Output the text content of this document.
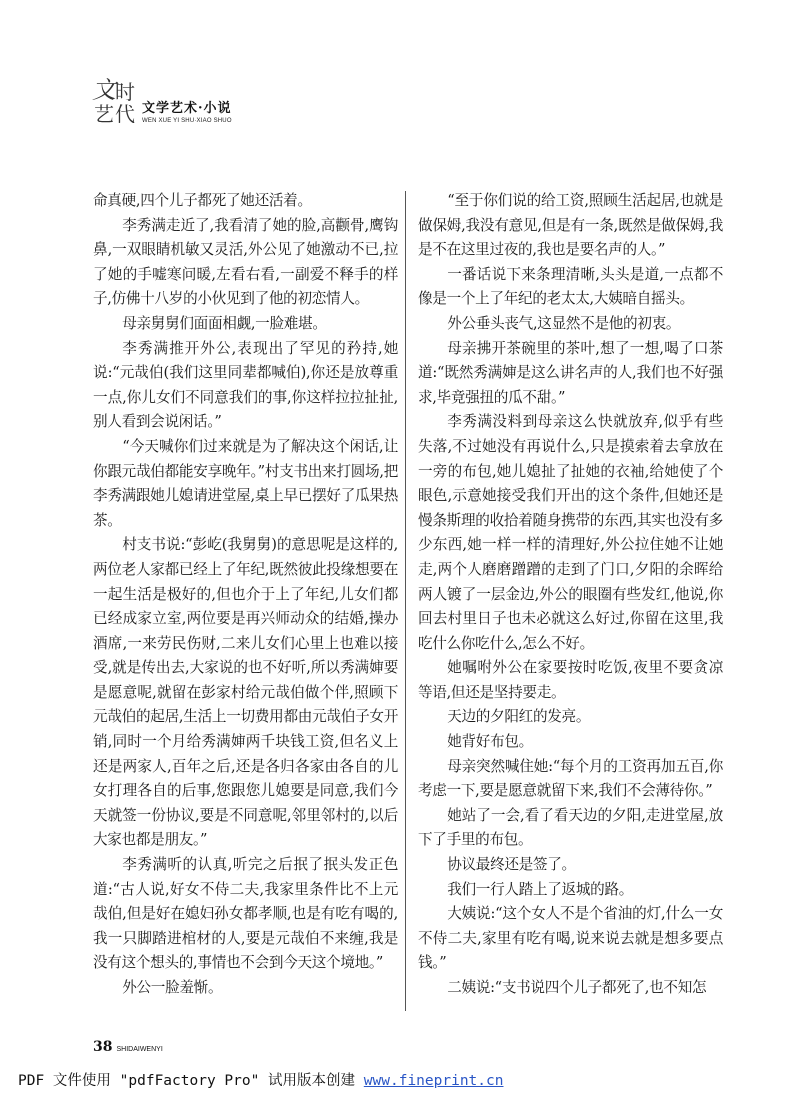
文 时
艺 代 文学艺术·小说
WEN XUE YI SHU·XIAO SHUO

命真硬,四个儿子都死了她还活着。

李秀满走近了,我看清了她的脸,高颧骨,鹰钩鼻,一双眼睛机敏又灵活,外公见了她激动不已,拉了她的手嘘寒问暖,左看右看,一副爱不释手的样子,仿佛十八岁的小伙见到了他的初恋情人。

母亲舅舅们面面相觑,一脸难堪。

李秀满推开外公,表现出了罕见的矜持,她说:“元哉伯(我们这里同辈都喊伯),你还是放尊重一点,你儿女们不同意我们的事,你这样拉拉扯扯,别人看到会说闲话。”

“今天喊你们过来就是为了解决这个闲话,让你跟元哉伯都能安享晚年。”村支书出来打圆场,把李秀满跟她儿媳请进堂屋,桌上早已摆好了瓜果热茶。

村支书说:“彭屹(我舅舅)的意思呢是这样的,两位老人家都已经上了年纪,既然彼此投缘想要在一起生活是极好的,但也介于上了年纪,儿女们都已经成家立室,两位要是再兴师动众的结婚,操办酒席,一来劳民伤财,二来儿女们心里上也难以接受,就是传出去,大家说的也不好听,所以秀满婶要是愿意呢,就留在彭家村给元哉伯做个伴,照顾下元哉伯的起居,生活上一切费用都由元哉伯子女开销,同时一个月给秀满婶两千块钱工资,但名义上还是两家人,百年之后,还是各归各家由各自的儿女打理各自的后事,您跟您儿媳要是同意,我们今天就签一份协议,要是不同意呢,邻里邻村的,以后大家也都是朋友。”

李秀满听的认真,听完之后抿了抿头发正色道:“古人说,好女不侍二夫,我家里条件比不上元哉伯,但是好在媳妇孙女都孝顺,也是有吃有喝的,我一只脚踏进棺材的人,要是元哉伯不来缠,我是没有这个想头的,事情也不会到今天这个境地。”

外公一脸羞惭。

“至于你们说的给工资,照顾生活起居,也就是做保姆,我没有意见,但是有一条,既然是做保姆,我是不在这里过夜的,我也是要名声的人。”

一番话说下来条理清晰,头头是道,一点都不像是一个上了年纪的老太太,大姨暗自摇头。

外公垂头丧气,这显然不是他的初衷。

母亲拂开茶碗里的茶叶,想了一想,喝了口茶道:“既然秀满婶是这么讲名声的人,我们也不好强求,毕竟强扭的瓜不甜。”

李秀满没料到母亲这么快就放弃,似乎有些失落,不过她没有再说什么,只是摸索着去拿放在一旁的布包,她儿媳扯了扯她的衣袖,给她使了个眼色,示意她接受我们开出的这个条件,但她还是慢条斯理的收拾着随身携带的东西,其实也没有多少东西,她一样一样的清理好,外公拉住她不让她走,两个人磨磨蹭蹭的走到了门口,夕阳的余晖给两人镀了一层金边,外公的眼圈有些发红,他说,你回去村里日子也未必就这么好过,你留在这里,我吃什么你吃什么,怎么不好。

她嘱咐外公在家要按时吃饭,夜里不要贪凉等语,但还是坚持要走。

天边的夕阳红的发亮。

她背好布包。

母亲突然喊住她:“每个月的工资再加五百,你考虑一下,要是愿意就留下来,我们不会薄待你。”

她站了一会,看了看天边的夕阳,走进堂屋,放下了手里的布包。

协议最终还是签了。

我们一行人踏上了返城的路。

大姨说:“这个女人不是个省油的灯,什么一女不侍二夫,家里有吃有喝,说来说去就是想多要点钱。”

二姨说:“支书说四个儿子都死了,也不知怎

38 SHIDAIWENYI
PDF 文件使用 "pdfFactory Pro" 试用版本创建 www.fineprint.cn
